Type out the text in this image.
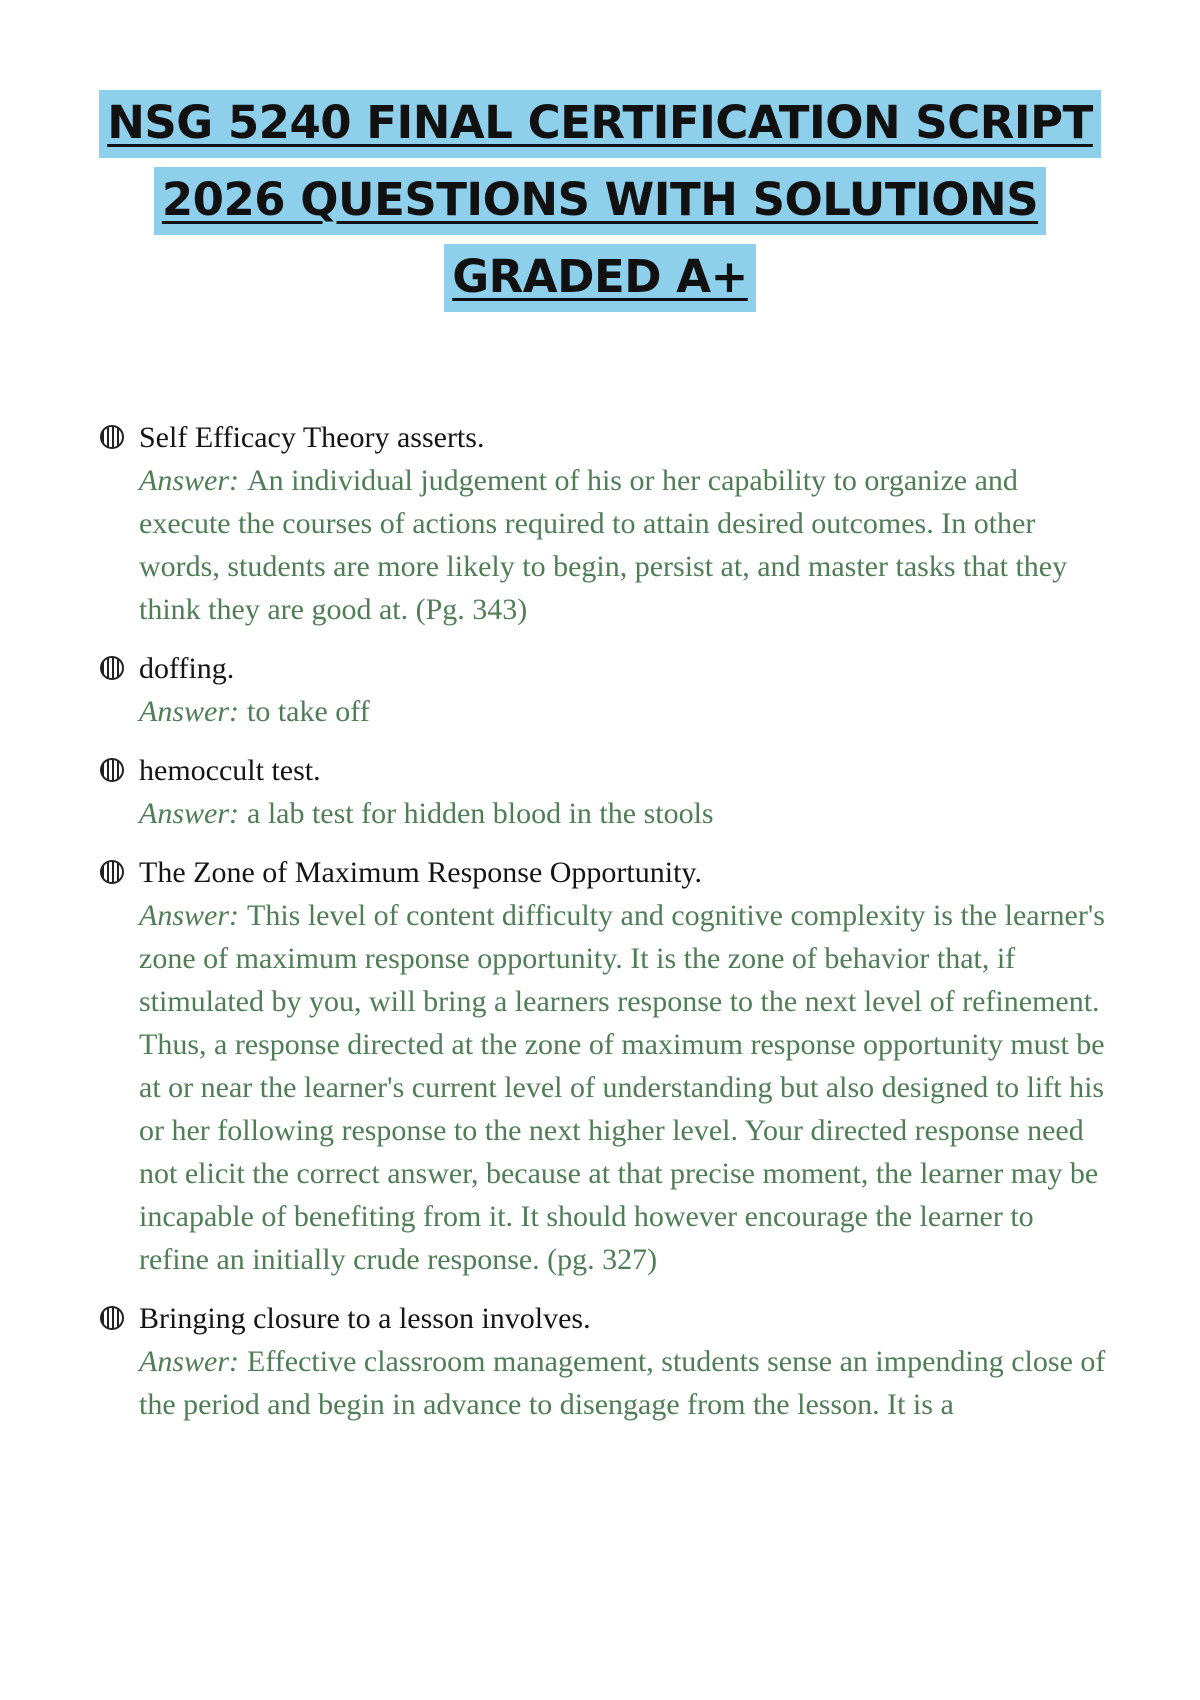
NSG 5240 FINAL CERTIFICATION SCRIPT
2026 QUESTIONS WITH SOLUTIONS
GRADED A+
Self Efficacy Theory asserts.
Answer: An individual judgement of his or her capability to organize and execute the courses of actions required to attain desired outcomes. In other words, students are more likely to begin, persist at, and master tasks that they think they are good at. (Pg. 343)
doffing.
Answer: to take off
hemoccult test.
Answer: a lab test for hidden blood in the stools
The Zone of Maximum Response Opportunity.
Answer: This level of content difficulty and cognitive complexity is the learner's zone of maximum response opportunity. It is the zone of behavior that, if stimulated by you, will bring a learners response to the next level of refinement. Thus, a response directed at the zone of maximum response opportunity must be at or near the learner's current level of understanding but also designed to lift his or her following response to the next higher level. Your directed response need not elicit the correct answer, because at that precise moment, the learner may be incapable of benefiting from it. It should however encourage the learner to refine an initially crude response. (pg. 327)
Bringing closure to a lesson involves.
Answer: Effective classroom management, students sense an impending close of the period and begin in advance to disengage from the lesson. It is a
